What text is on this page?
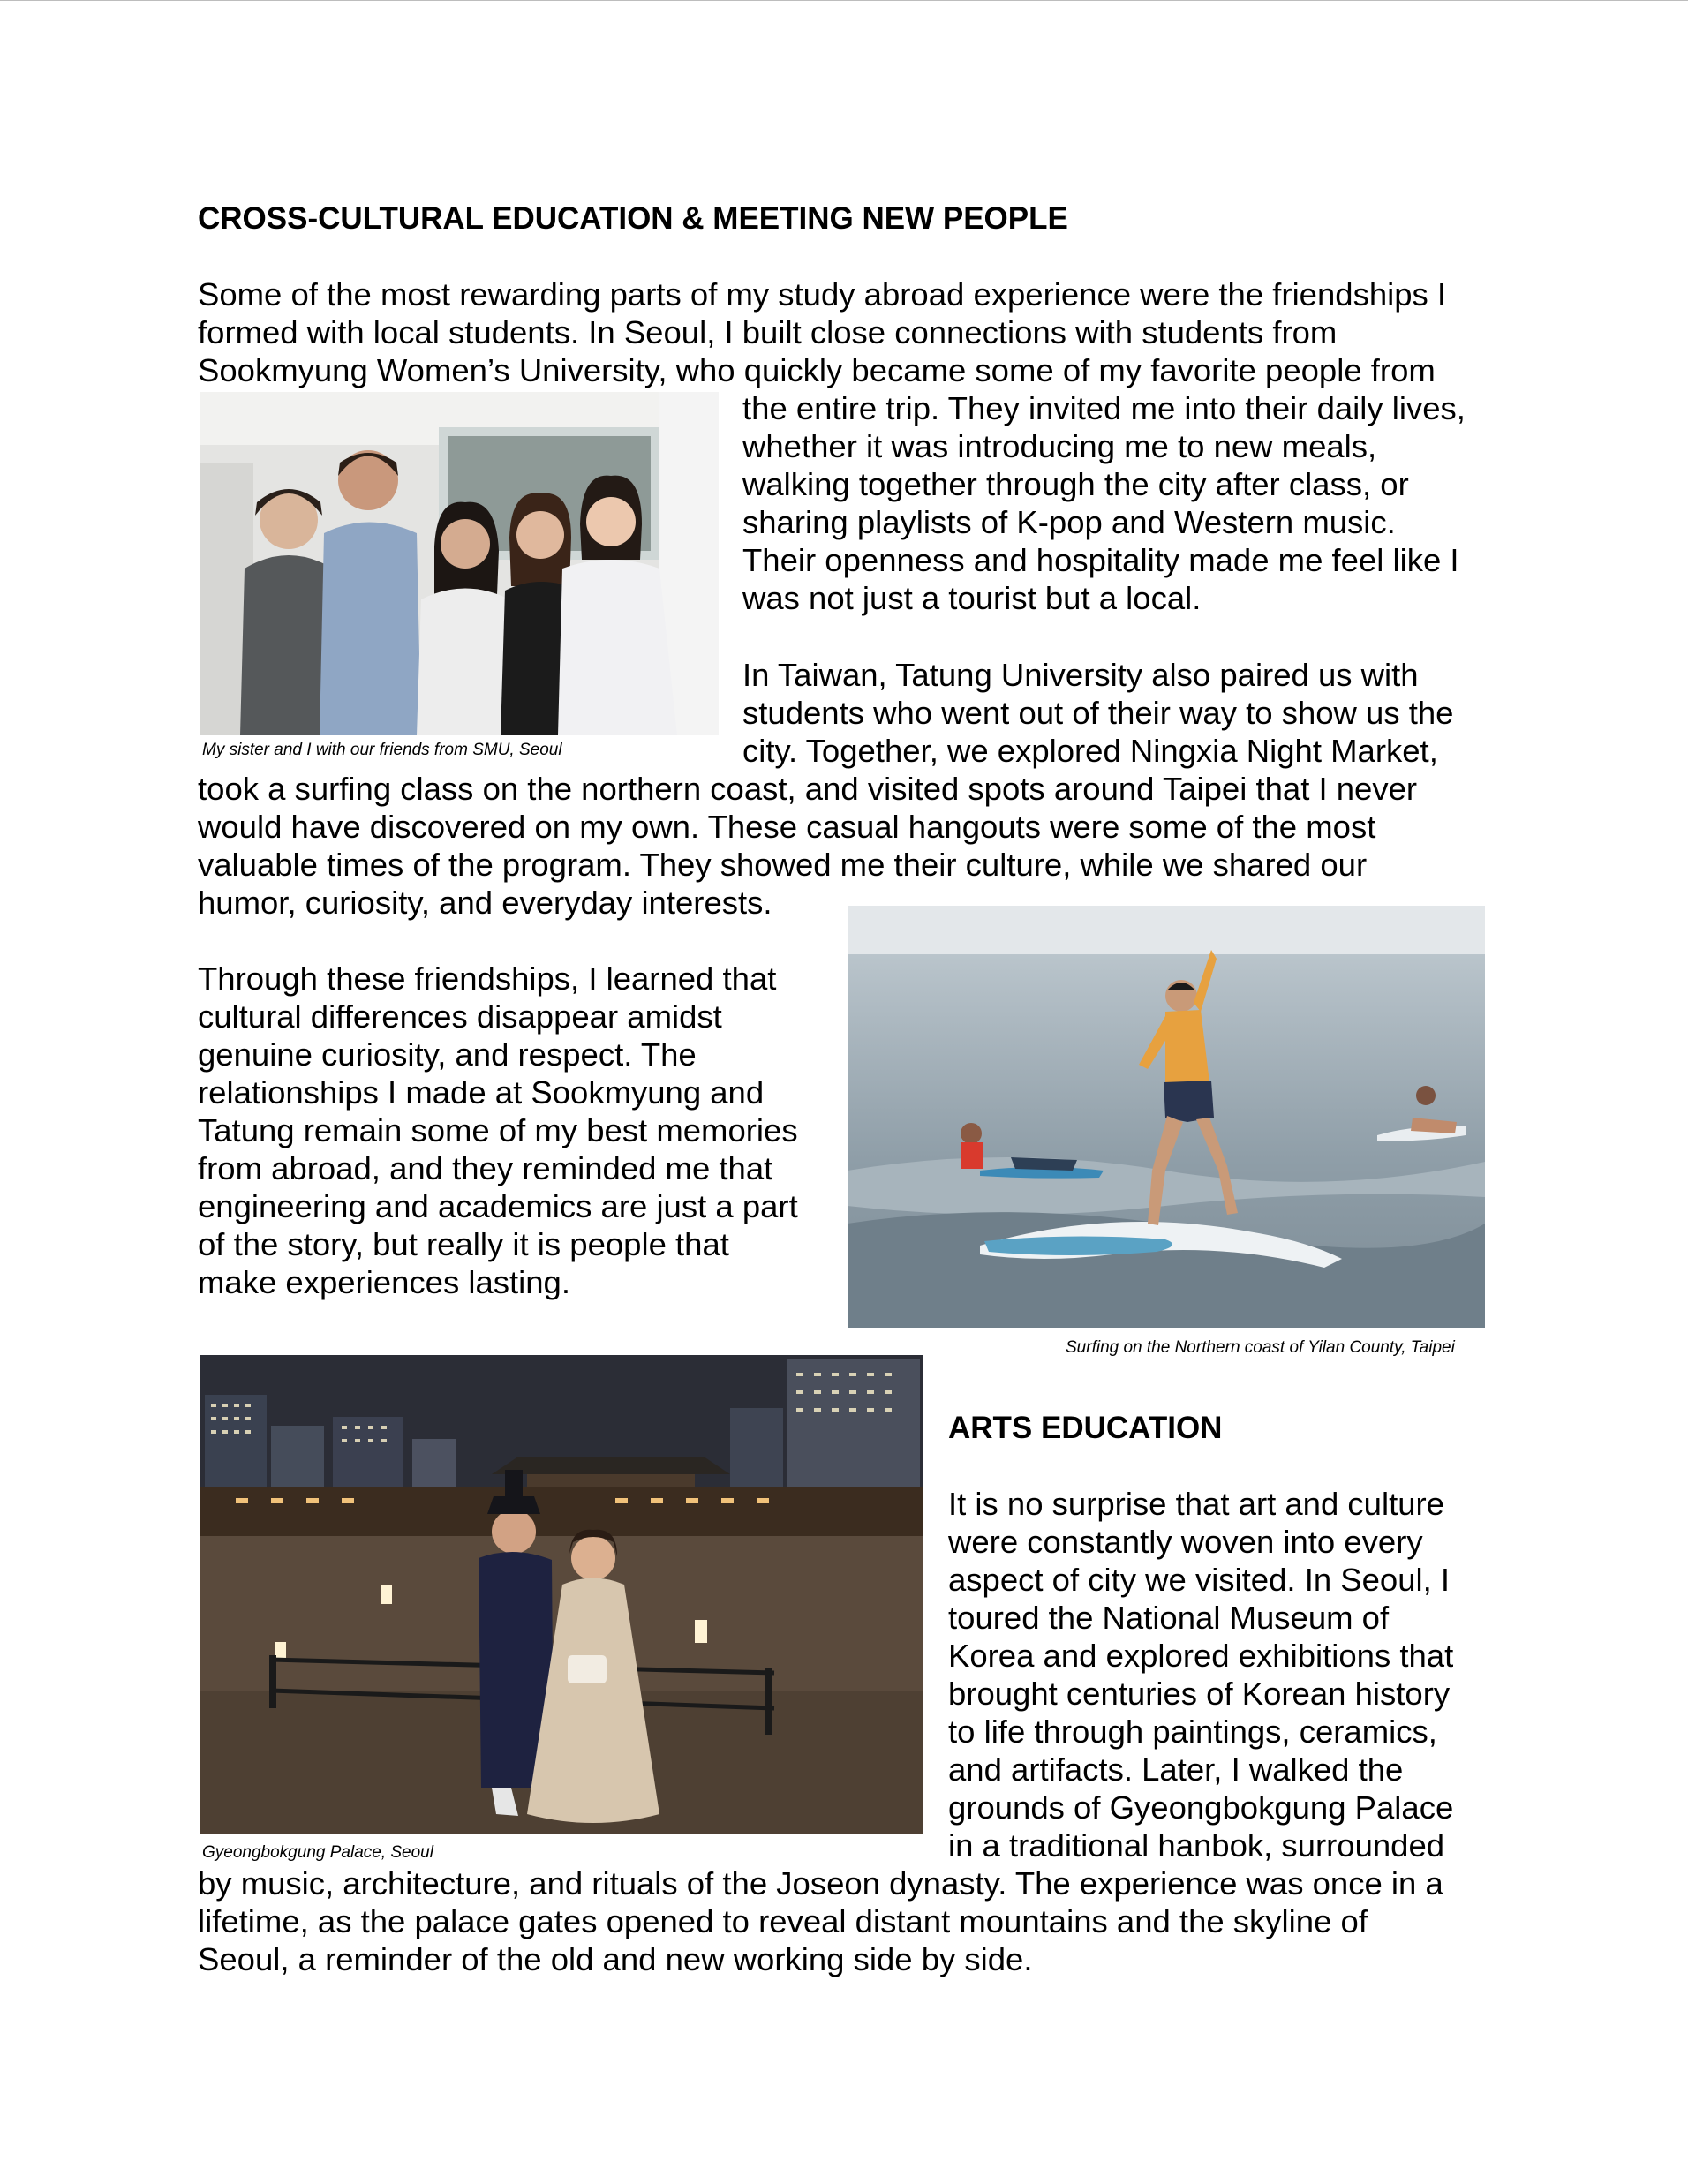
CROSS-CULTURAL EDUCATION & MEETING NEW PEOPLE
Some of the most rewarding parts of my study abroad experience were the friendships I
formed with local students. In Seoul, I built close connections with students from
Sookmyung Women’s University, who quickly became some of my favorite people from
the entire trip. They invited me into their daily lives,
whether it was introducing me to new meals,
walking together through the city after class, or
sharing playlists of K-pop and Western music.
Their openness and hospitality made me feel like I
was not just a tourist but a local.
In Taiwan, Tatung University also paired us with
students who went out of their way to show us the
city. Together, we explored Ningxia Night Market,
took a surfing class on the northern coast, and visited spots around Taipei that I never
would have discovered on my own. These casual hangouts were some of the most
valuable times of the program. They showed me their culture, while we shared our
humor, curiosity, and everyday interests.
Through these friendships, I learned that
cultural differences disappear amidst
genuine curiosity, and respect. The
relationships I made at Sookmyung and
Tatung remain some of my best memories
from abroad, and they reminded me that
engineering and academics are just a part
of the story, but really it is people that
make experiences lasting.
My sister and I with our friends from SMU, Seoul
Surfing on the Northern coast of Yilan County, Taipei
Gyeongbokgung Palace, Seoul
ARTS EDUCATION
It is no surprise that art and culture
were constantly woven into every
aspect of city we visited. In Seoul, I
toured the National Museum of
Korea and explored exhibitions that
brought centuries of Korean history
to life through paintings, ceramics,
and artifacts. Later, I walked the
grounds of Gyeongbokgung Palace
in a traditional hanbok, surrounded
by music, architecture, and rituals of the Joseon dynasty. The experience was once in a
lifetime, as the palace gates opened to reveal distant mountains and the skyline of
Seoul, a reminder of the old and new working side by side.
